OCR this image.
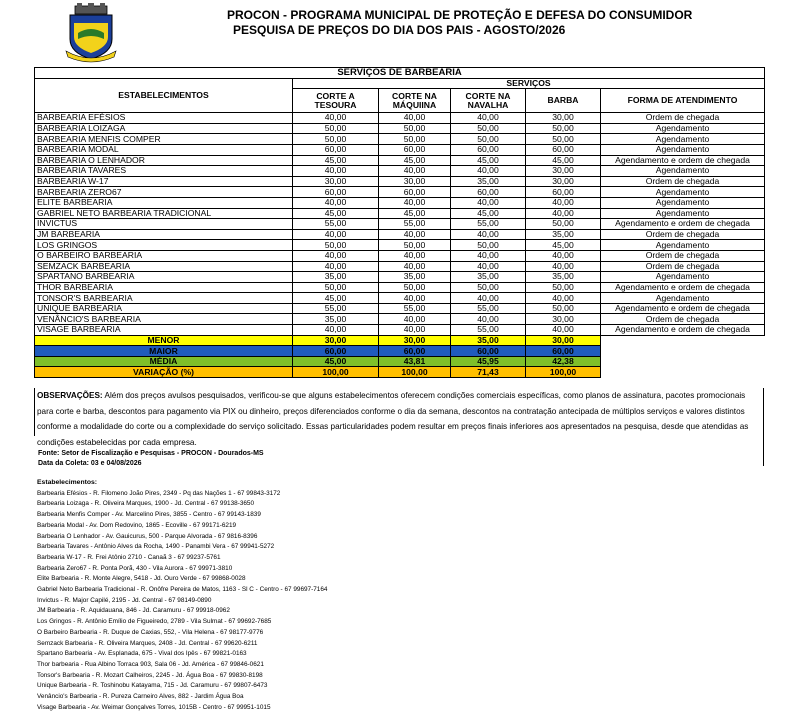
PROCON - PROGRAMA MUNICIPAL DE PROTEÇÃO E DEFESA DO CONSUMIDOR
PESQUISA DE PREÇOS DO DIA DOS PAIS - AGOSTO/2026
SERVIÇOS DE BARBEARIA					
ESTABELECIMENTOS	SERVIÇOS				
	CORTE A TESOURA	CORTE NA MÁQUIINA	CORTE NA NAVALHA	BARBA	FORMA DE ATENDIMENTO
BARBEARIA EFÉSIOS	40,00	40,00	40,00	30,00	Ordem de chegada
BARBEARIA LOIZAGA	50,00	50,00	50,00	50,00	Agendamento
BARBEARIA MENFIS COMPER	50,00	50,00	50,00	50,00	Agendamento
BARBEARIA MODAL	60,00	60,00	60,00	60,00	Agendamento
BARBEARIA O LENHADOR	45,00	45,00	45,00	45,00	Agendamento e ordem de chegada
BARBEARIA TAVARES	40,00	40,00	40,00	30,00	Agendamento
BARBEARIA W-17	30,00	30,00	35,00	30,00	Ordem de chegada
BARBEARIA ZERO67	60,00	60,00	60,00	60,00	Agendamento
ELITE BARBEARIA	40,00	40,00	40,00	40,00	Agendamento
GABRIEL NETO BARBEARIA TRADICIONAL	45,00	45,00	45,00	40,00	Agendamento
INVICTUS	55,00	55,00	55,00	50,00	Agendamento e ordem de chegada
JM BARBEARIA	40,00	40,00	40,00	35,00	Ordem de chegada
LOS GRINGOS	50,00	50,00	50,00	45,00	Agendamento
O BARBEIRO BARBEARIA	40,00	40,00	40,00	40,00	Ordem de chegada
SEMZACK BARBEARIA	40,00	40,00	40,00	40,00	Ordem de chegada
SPARTANO BARBEARIA	35,00	35,00	35,00	35,00	Agendamento
THOR BARBEARIA	50,00	50,00	50,00	50,00	Agendamento e ordem de chegada
TONSOR'S BARBEARIA	45,00	40,00	40,00	40,00	Agendamento
UNIQUE BARBEARIA	55,00	55,00	55,00	50,00	Agendamento e ordem de chegada
VENÂNCIO'S BARBEARIA	35,00	40,00	40,00	30,00	Ordem de chegada
VISAGE BARBEARIA	40,00	40,00	55,00	40,00	Agendamento e ordem de chegada
MENOR	30,00	30,00	35,00	30,00	
MAIOR	60,00	60,00	60,00	60,00	
MÉDIA	45,00	43,81	45,95	42,38	
VARIAÇÃO (%)	100,00	100,00	71,43	100,00	
OBSERVAÇÕES: Além dos preços avulsos pesquisados, verificou-se que alguns estabelecimentos oferecem condições comerciais específicas, como planos de assinatura, pacotes promocionais para corte e barba, descontos para pagamento via PIX ou dinheiro, preços diferenciados conforme o dia da semana, descontos na contratação antecipada de múltiplos serviços e valores distintos conforme a modalidade do corte ou a complexidade do serviço solicitado. Essas particularidades podem resultar em preços finais inferiores aos apresentados na pesquisa, desde que atendidas as condições estabelecidas por cada empresa.
Fonte: Setor de Fiscalização e Pesquisas - PROCON - Dourados-MS
Data da Coleta: 03 e 04/08/2026
Estabelecimentos:
Barbearia Efésios - R. Filomeno João Pires, 2349 - Pq das Nações 1 - 67 99843-3172
Barbearia Loizaga - R. Oliveira Marques, 1900 - Jd. Central - 67 99138-3650
Barbearia Menfis Comper - Av. Marcelino Pires, 3855 - Centro - 67 99143-1839
Barbearia Modal - Av. Dom Redovino, 1865 - Ecoville - 67 99171-6219
Barbearia O Lenhador - Av. Gauicurus, 500 - Parque Alvorada - 67 9816-8396
Barbearia Tavares - Antônio Alves da Rocha, 1490 - Panambi Vera - 67 99941-5272
Barbearia W-17 - R. Frei Atônio 2710 - Canaã 3 - 67 99237-5761
Barbearia Zero67 - R. Ponta Porã, 430 - Vila Aurora - 67 99971-3810
Elite Barbearia - R. Monte Alegre, 5418 - Jd. Ouro Verde - 67 99868-0028
Gabriel Neto Barbearia Tradicional - R. Onôfre Pereira de Matos, 1163 - Sl C - Centro - 67 99697-7164
Invictus - R. Major Capilé, 2195 - Jd. Central - 67 98149-0890
JM Barbearia - R. Aquidauana, 846 - Jd. Caramuru - 67 99918-0962
Los Gringos - R. Antônio Emílio de Figueiredo, 2789 - Vila Sulmat - 67 99692-7685
O Barbeiro Barbearia - R. Duque de Caxias, 552, - Vila Helena - 67 98177-9776
Semzack Barbearia - R. Oliveira Marques, 2408 - Jd. Central - 67 99620-6211
Spartano Barbearia - Av. Esplanada, 675 - Vival dos Ipês - 67 99821-0163
Thor barbearia - Rua Albino Torraca 903, Sala 06 - Jd. América - 67 99846-0621
Tonsor's Barbearia - R. Mozart Calheiros, 2245 - Jd. Água Boa - 67 99830-8198
Unique Barbearia - R. Toshinobu Katayama, 715 - Jd. Caramuru - 67 99807-6473
Venâncio's Barbearia - R. Pureza Carneiro Alves, 882 - Jardim Água Boa
Visage Barbearia - Av. Weimar Gonçalves Torres, 1015B - Centro - 67 99951-1015
